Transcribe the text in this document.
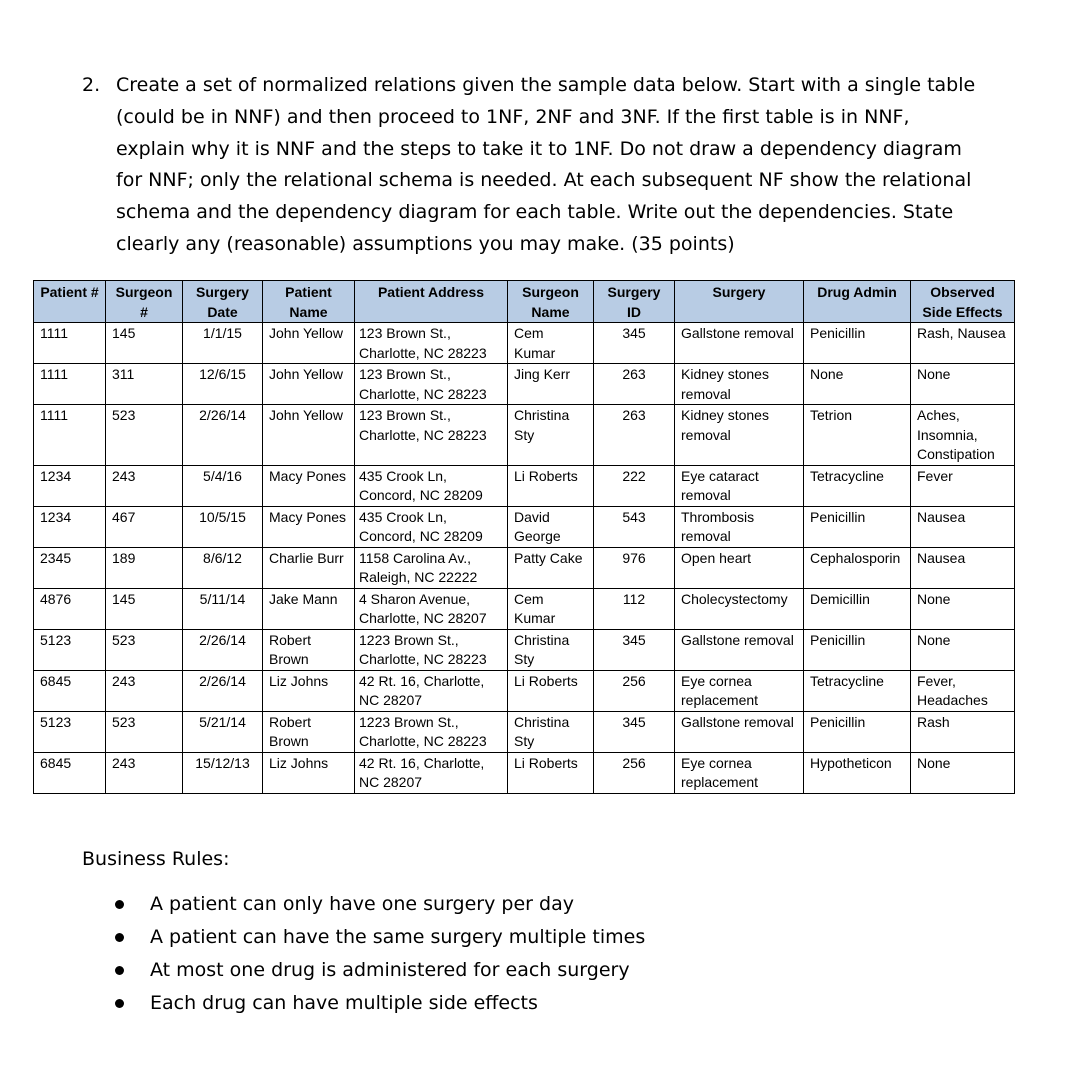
2. Create a set of normalized relations given the sample data below. Start with a single table (could be in NNF) and then proceed to 1NF, 2NF and 3NF. If the first table is in NNF, explain why it is NNF and the steps to take it to 1NF. Do not draw a dependency diagram for NNF; only the relational schema is needed. At each subsequent NF show the relational schema and the dependency diagram for each table. Write out the dependencies. State clearly any (reasonable) assumptions you may make. (35 points)
Patient #	Surgeon #	Surgery Date	Patient Name	Patient Address	Surgeon Name	Surgery ID	Surgery	Drug Admin	Observed Side Effects
1111	145	1/1/15	John Yellow	123 Brown St., Charlotte, NC 28223	Cem Kumar	345	Gallstone removal	Penicillin	Rash, Nausea
1111	311	12/6/15	John Yellow	123 Brown St., Charlotte, NC 28223	Jing Kerr	263	Kidney stones removal	None	None
1111	523	2/26/14	John Yellow	123 Brown St., Charlotte, NC 28223	Christina Sty	263	Kidney stones removal	Tetrion	Aches, Insomnia, Constipation
1234	243	5/4/16	Macy Pones	435 Crook Ln, Concord, NC 28209	Li Roberts	222	Eye cataract removal	Tetracycline	Fever
1234	467	10/5/15	Macy Pones	435 Crook Ln, Concord, NC 28209	David George	543	Thrombosis removal	Penicillin	Nausea
2345	189	8/6/12	Charlie Burr	1158 Carolina Av., Raleigh, NC 22222	Patty Cake	976	Open heart	Cephalosporin	Nausea
4876	145	5/11/14	Jake Mann	4 Sharon Avenue, Charlotte, NC 28207	Cem Kumar	112	Cholecystectomy	Demicillin	None
5123	523	2/26/14	Robert Brown	1223 Brown St., Charlotte, NC 28223	Christina Sty	345	Gallstone removal	Penicillin	None
6845	243	2/26/14	Liz Johns	42 Rt. 16, Charlotte, NC 28207	Li Roberts	256	Eye cornea replacement	Tetracycline	Fever, Headaches
5123	523	5/21/14	Robert Brown	1223 Brown St., Charlotte, NC 28223	Christina Sty	345	Gallstone removal	Penicillin	Rash
6845	243	15/12/13	Liz Johns	42 Rt. 16, Charlotte, NC 28207	Li Roberts	256	Eye cornea replacement	Hypotheticon	None
Business Rules:
A patient can only have one surgery per day
A patient can have the same surgery multiple times
At most one drug is administered for each surgery
Each drug can have multiple side effects
